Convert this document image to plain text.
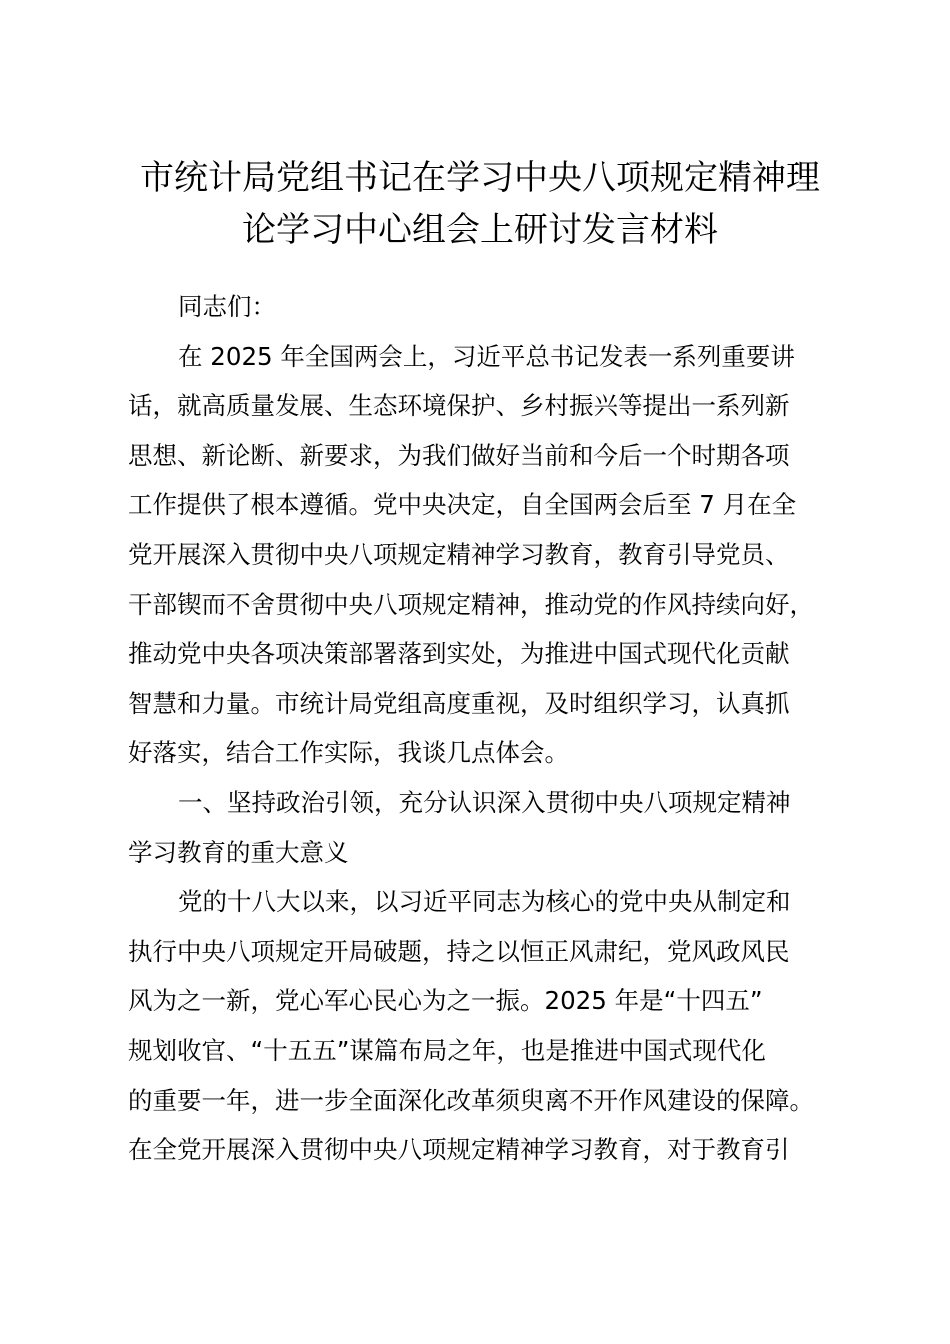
市统计局党组书记在学习中央八项规定精神理
论学习中心组会上研讨发言材料
同志们：
在 2025 年全国两会上，习近平总书记发表一系列重要讲
话，就高质量发展、生态环境保护、乡村振兴等提出一系列新
思想、新论断、新要求，为我们做好当前和今后一个时期各项
工作提供了根本遵循。党中央决定，自全国两会后至 7 月在全
党开展深入贯彻中央八项规定精神学习教育，教育引导党员、
干部锲而不舍贯彻中央八项规定精神，推动党的作风持续向好，
推动党中央各项决策部署落到实处，为推进中国式现代化贡献
智慧和力量。市统计局党组高度重视，及时组织学习，认真抓
好落实，结合工作实际，我谈几点体会。
一、坚持政治引领，充分认识深入贯彻中央八项规定精神
学习教育的重大意义
党的十八大以来，以习近平同志为核心的党中央从制定和
执行中央八项规定开局破题，持之以恒正风肃纪，党风政风民
风为之一新，党心军心民心为之一振。2025 年是“十四五”
规划收官、“十五五”谋篇布局之年，也是推进中国式现代化
的重要一年，进一步全面深化改革须臾离不开作风建设的保障。
在全党开展深入贯彻中央八项规定精神学习教育，对于教育引
